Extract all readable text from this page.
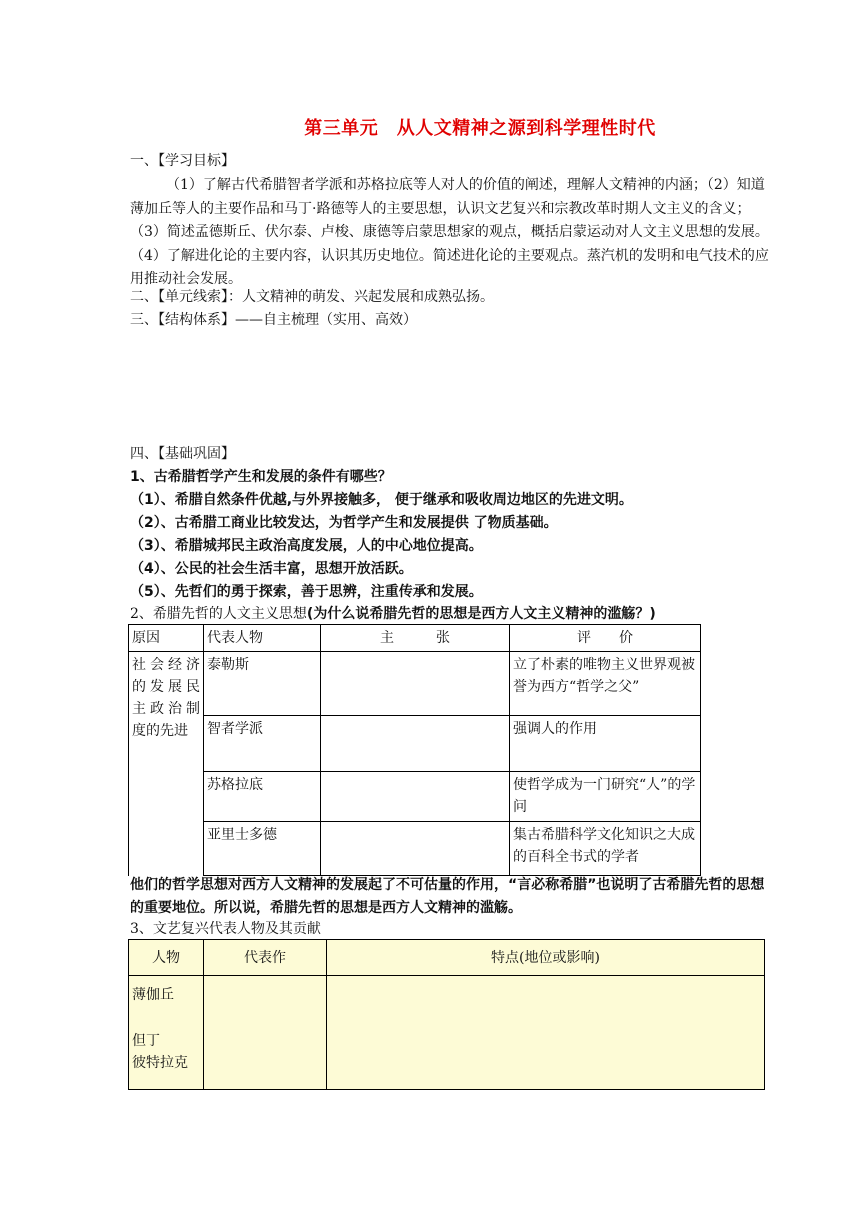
第三单元　从人文精神之源到科学理性时代
一、【学习目标】
（1）了解古代希腊智者学派和苏格拉底等人对人的价值的阐述，理解人文精神的内涵；（2）知道薄加丘等人的主要作品和马丁·路德等人的主要思想，认识文艺复兴和宗教改革时期人文主义的含义；（3）简述孟德斯丘、伏尔泰、卢梭、康德等启蒙思想家的观点，概括启蒙运动对人文主义思想的发展。（4）了解进化论的主要内容，认识其历史地位。简述进化论的主要观点。蒸汽机的发明和电气技术的应用推动社会发展。
二、【单元线索】：人文精神的萌发、兴起发展和成熟弘扬。
三、【结构体系】——自主梳理（实用、高效）
四、【基础巩固】
1、古希腊哲学产生和发展的条件有哪些？
（1）、希腊自然条件优越,与外界接触多， 便于继承和吸收周边地区的先进文明。
（2）、古希腊工商业比较发达，为哲学产生和发展提供 了物质基础。
（3）、希腊城邦民主政治高度发展，人的中心地位提高。
（4）、公民的社会生活丰富，思想开放活跃。
（5）、先哲们的勇于探索，善于思辨，注重传承和发展。
2、希腊先哲的人文主义思想(为什么说希腊先哲的思想是西方人文主义精神的滥觞？)
原因	代表人物	主　　　张	评　　价
社会经济的发展民主政治制度的先进	泰勒斯		立了朴素的唯物主义世界观被誉为西方“哲学之父”
	智者学派		强调人的作用
	苏格拉底		使哲学成为一门研究“人”的学问
	亚里士多德		集古希腊科学文化知识之大成的百科全书式的学者
他们的哲学思想对西方人文精神的发展起了不可估量的作用，“言必称希腊”也说明了古希腊先哲的思想的重要地位。所以说，希腊先哲的思想是西方人文精神的滥觞。
3、文艺复兴代表人物及其贡献
人物	代表作	特点(地位或影响)

薄伽丘
但丁
彼特拉克		
